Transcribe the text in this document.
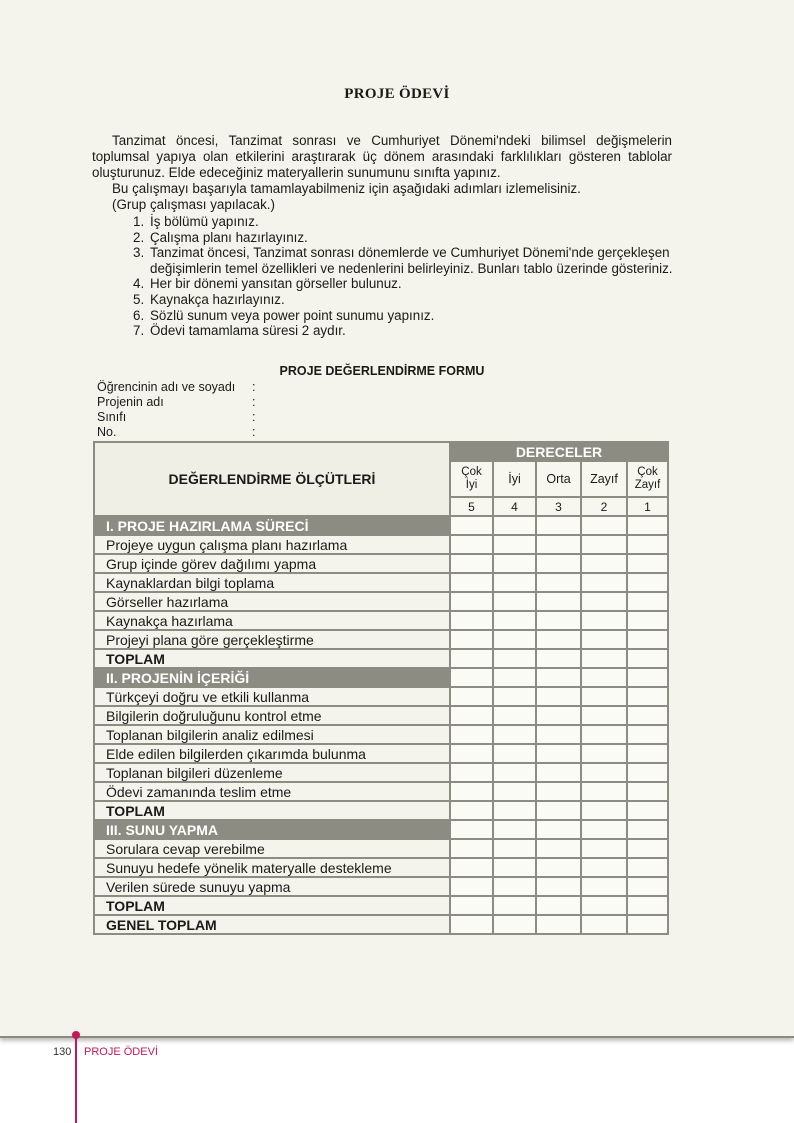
PROJE ÖDEVİ

Tanzimat öncesi, Tanzimat sonrası ve Cumhuriyet Dönemi'ndeki bilimsel değişmelerin toplumsal yapıya olan etkilerini araştırarak üç dönem arasındaki farklılıkları gösteren tablolar oluşturunuz. Elde edeceğiniz materyallerin sunumunu sınıfta yapınız.

Bu çalışmayı başarıyla tamamlayabilmeniz için aşağıdaki adımları izlemelisiniz.

(Grup çalışması yapılacak.)

1. İş bölümü yapınız.
2. Çalışma planı hazırlayınız.
3. Tanzimat öncesi, Tanzimat sonrası dönemlerde ve Cumhuriyet Dönemi'nde gerçekleşen değişimlerin temel özellikleri ve nedenlerini belirleyiniz. Bunları tablo üzerinde gösteriniz.
4. Her bir dönemi yansıtan görseller bulunuz.
5. Kaynakça hazırlayınız.
6. Sözlü sunum veya power point sunumu yapınız.
7. Ödevi tamamlama süresi 2 aydır.
PROJE DEĞERLENDİRME FORMU
Öğrencinin adı ve soyadı	:
Projenin adı	:
Sınıfı	:
No.	:
DEĞERLENDİRME ÖLÇÜTLERİ	DERECELER				
	Çok İyi	İyi	Orta	Zayıf	Çok Zayıf
	5	4	3	2	1
I. PROJE HAZIRLAMA SÜRECİ					
Projeye uygun çalışma planı hazırlama					
Grup içinde görev dağılımı yapma					
Kaynaklardan bilgi toplama					
Görseller hazırlama					
Kaynakça hazırlama					
Projeyi plana göre gerçekleştirme					
TOPLAM					
II. PROJENİN İÇERİĞİ					
Türkçeyi doğru ve etkili kullanma					
Bilgilerin doğruluğunu kontrol etme					
Toplanan bilgilerin analiz edilmesi					
Elde edilen bilgilerden çıkarımda bulunma					
Toplanan bilgileri düzenleme					
Ödevi zamanında teslim etme					
TOPLAM					
III. SUNU YAPMA					
Sorulara cevap verebilme					
Sunuyu hedefe yönelik materyalle destekleme					
Verilen sürede sunuyu yapma					
TOPLAM					
GENEL TOPLAM					
130 PROJE ÖDEVİ
